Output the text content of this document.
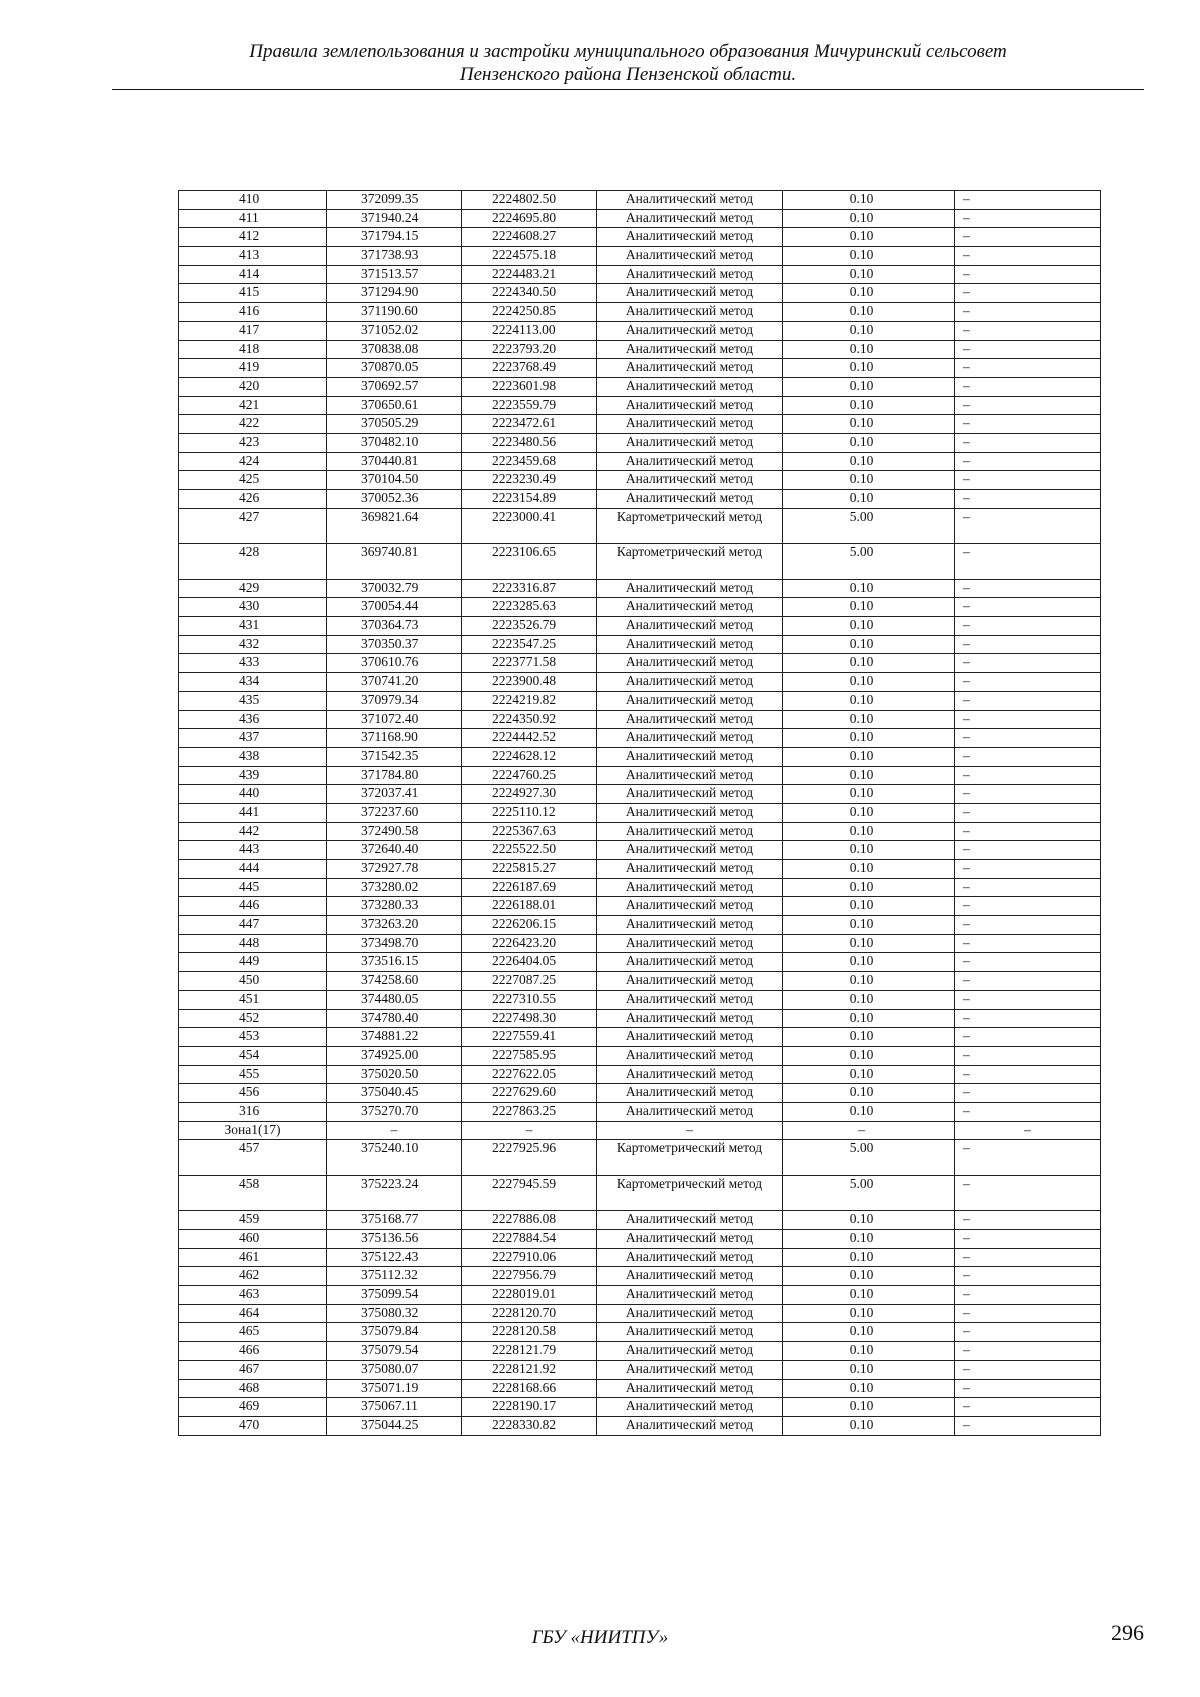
Правила землепользования и застройки муниципального образования Мичуринский сельсовет
Пензенского района Пензенской области.
410	372099.35	2224802.50	Аналитический метод	0.10	–
411	371940.24	2224695.80	Аналитический метод	0.10	–
412	371794.15	2224608.27	Аналитический метод	0.10	–
413	371738.93	2224575.18	Аналитический метод	0.10	–
414	371513.57	2224483.21	Аналитический метод	0.10	–
415	371294.90	2224340.50	Аналитический метод	0.10	–
416	371190.60	2224250.85	Аналитический метод	0.10	–
417	371052.02	2224113.00	Аналитический метод	0.10	–
418	370838.08	2223793.20	Аналитический метод	0.10	–
419	370870.05	2223768.49	Аналитический метод	0.10	–
420	370692.57	2223601.98	Аналитический метод	0.10	–
421	370650.61	2223559.79	Аналитический метод	0.10	–
422	370505.29	2223472.61	Аналитический метод	0.10	–
423	370482.10	2223480.56	Аналитический метод	0.10	–
424	370440.81	2223459.68	Аналитический метод	0.10	–
425	370104.50	2223230.49	Аналитический метод	0.10	–
426	370052.36	2223154.89	Аналитический метод	0.10	–
427	369821.64	2223000.41	Картометрический метод	5.00	–
428	369740.81	2223106.65	Картометрический метод	5.00	–
429	370032.79	2223316.87	Аналитический метод	0.10	–
430	370054.44	2223285.63	Аналитический метод	0.10	–
431	370364.73	2223526.79	Аналитический метод	0.10	–
432	370350.37	2223547.25	Аналитический метод	0.10	–
433	370610.76	2223771.58	Аналитический метод	0.10	–
434	370741.20	2223900.48	Аналитический метод	0.10	–
435	370979.34	2224219.82	Аналитический метод	0.10	–
436	371072.40	2224350.92	Аналитический метод	0.10	–
437	371168.90	2224442.52	Аналитический метод	0.10	–
438	371542.35	2224628.12	Аналитический метод	0.10	–
439	371784.80	2224760.25	Аналитический метод	0.10	–
440	372037.41	2224927.30	Аналитический метод	0.10	–
441	372237.60	2225110.12	Аналитический метод	0.10	–
442	372490.58	2225367.63	Аналитический метод	0.10	–
443	372640.40	2225522.50	Аналитический метод	0.10	–
444	372927.78	2225815.27	Аналитический метод	0.10	–
445	373280.02	2226187.69	Аналитический метод	0.10	–
446	373280.33	2226188.01	Аналитический метод	0.10	–
447	373263.20	2226206.15	Аналитический метод	0.10	–
448	373498.70	2226423.20	Аналитический метод	0.10	–
449	373516.15	2226404.05	Аналитический метод	0.10	–
450	374258.60	2227087.25	Аналитический метод	0.10	–
451	374480.05	2227310.55	Аналитический метод	0.10	–
452	374780.40	2227498.30	Аналитический метод	0.10	–
453	374881.22	2227559.41	Аналитический метод	0.10	–
454	374925.00	2227585.95	Аналитический метод	0.10	–
455	375020.50	2227622.05	Аналитический метод	0.10	–
456	375040.45	2227629.60	Аналитический метод	0.10	–
316	375270.70	2227863.25	Аналитический метод	0.10	–
Зона1(17)	–	–	–	–	–
457	375240.10	2227925.96	Картометрический метод	5.00	–
458	375223.24	2227945.59	Картометрический метод	5.00	–
459	375168.77	2227886.08	Аналитический метод	0.10	–
460	375136.56	2227884.54	Аналитический метод	0.10	–
461	375122.43	2227910.06	Аналитический метод	0.10	–
462	375112.32	2227956.79	Аналитический метод	0.10	–
463	375099.54	2228019.01	Аналитический метод	0.10	–
464	375080.32	2228120.70	Аналитический метод	0.10	–
465	375079.84	2228120.58	Аналитический метод	0.10	–
466	375079.54	2228121.79	Аналитический метод	0.10	–
467	375080.07	2228121.92	Аналитический метод	0.10	–
468	375071.19	2228168.66	Аналитический метод	0.10	–
469	375067.11	2228190.17	Аналитический метод	0.10	–
470	375044.25	2228330.82	Аналитический метод	0.10	–
ГБУ «НИИТПУ»	296
